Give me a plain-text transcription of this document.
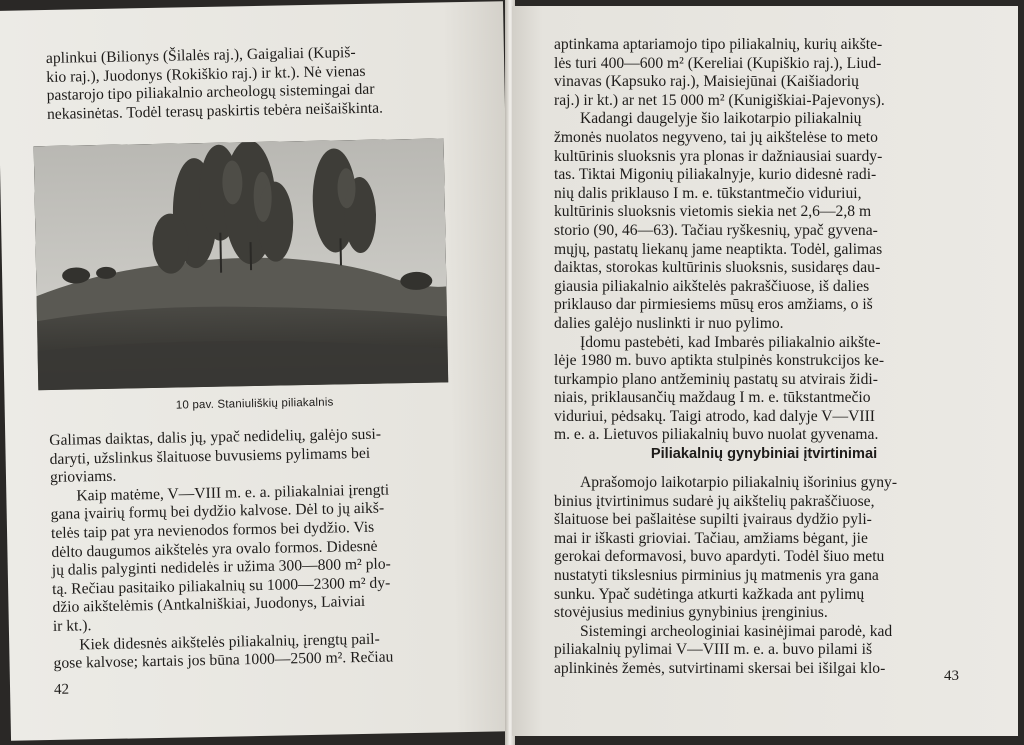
aplinkui (Bilionys (Šilalės raj.), Gaigaliai (Kupiš-
kio raj.), Juodonys (Rokiškio raj.) ir kt.). Nė vienas
pastarojo tipo piliakalnio archeologų sistemingai dar
nekasinėtas. Todėl terasų paskirtis tebėra neišaiškinta.
10 pav. Staniuliškių piliakalnis
Galimas daiktas, dalis jų, ypač nedidelių, galėjo susi-
daryti, užslinkus šlaituose buvusiems pylimams bei
grioviams.
Kaip matėme, V—VIII m. e. a. piliakalniai įrengti
gana įvairių formų bei dydžio kalvose. Dėl to jų aikš-
telės taip pat yra nevienodos formos bei dydžio. Vis
dėlto daugumos aikštelės yra ovalo formos. Didesnė
jų dalis palyginti nedidelės ir užima 300—800 m² plo-
tą. Rečiau pasitaiko piliakalnių su 1000—2300 m² dy-
džio aikštelėmis (Antkalniškiai, Juodonys, Laiviai
ir kt.).
Kiek didesnės aikštelės piliakalnių, įrengtų pail-
gose kalvose; kartais jos būna 1000—2500 m². Rečiau
42
aptinkama aptariamojo tipo piliakalnių, kurių aikšte-
lės turi 400—600 m² (Kereliai (Kupiškio raj.), Liud-
vinavas (Kapsuko raj.), Maisiejūnai (Kaišiadorių
raj.) ir kt.) ar net 15 000 m² (Kunigiškiai-Pajevonys).
Kadangi daugelyje šio laikotarpio piliakalnių
žmonės nuolatos negyveno, tai jų aikštelėse to meto
kultūrinis sluoksnis yra plonas ir dažniausiai suardy-
tas. Tiktai Migonių piliakalnyje, kurio didesnė radi-
nių dalis priklauso I m. e. tūkstantmečio viduriui,
kultūrinis sluoksnis vietomis siekia net 2,6—2,8 m
storio (90, 46—63). Tačiau ryškesnių, ypač gyvena-
mųjų, pastatų liekanų jame neaptikta. Todėl, galimas
daiktas, storokas kultūrinis sluoksnis, susidaręs dau-
giausia piliakalnio aikštelės pakraščiuose, iš dalies
priklauso dar pirmiesiems mūsų eros amžiams, o iš
dalies galėjo nuslinkti ir nuo pylimo.
Įdomu pastebėti, kad Imbarės piliakalnio aikšte-
lėje 1980 m. buvo aptikta stulpinės konstrukcijos ke-
turkampio plano antžeminių pastatų su atvirais židi-
niais, priklausančių maždaug I m. e. tūkstantmečio
viduriui, pėdsakų. Taigi atrodo, kad dalyje V—VIII
m. e. a. Lietuvos piliakalnių buvo nuolat gyvenama.
Piliakalnių gynybiniai įtvirtinimai
Aprašomojo laikotarpio piliakalnių išorinius gyny-
binius įtvirtinimus sudarė jų aikštelių pakraščiuose,
šlaituose bei pašlaitėse supilti įvairaus dydžio pyli-
mai ir iškasti grioviai. Tačiau, amžiams bėgant, jie
gerokai deformavosi, buvo apardyti. Todėl šiuo metu
nustatyti tikslesnius pirminius jų matmenis yra gana
sunku. Ypač sudėtinga atkurti kažkada ant pylimų
stovėjusius medinius gynybinius įrenginius.
Sistemingi archeologiniai kasinėjimai parodė, kad
piliakalnių pylimai V—VIII m. e. a. buvo pilami iš
aplinkinės žemės, sutvirtinami skersai bei išilgai klo-	43
